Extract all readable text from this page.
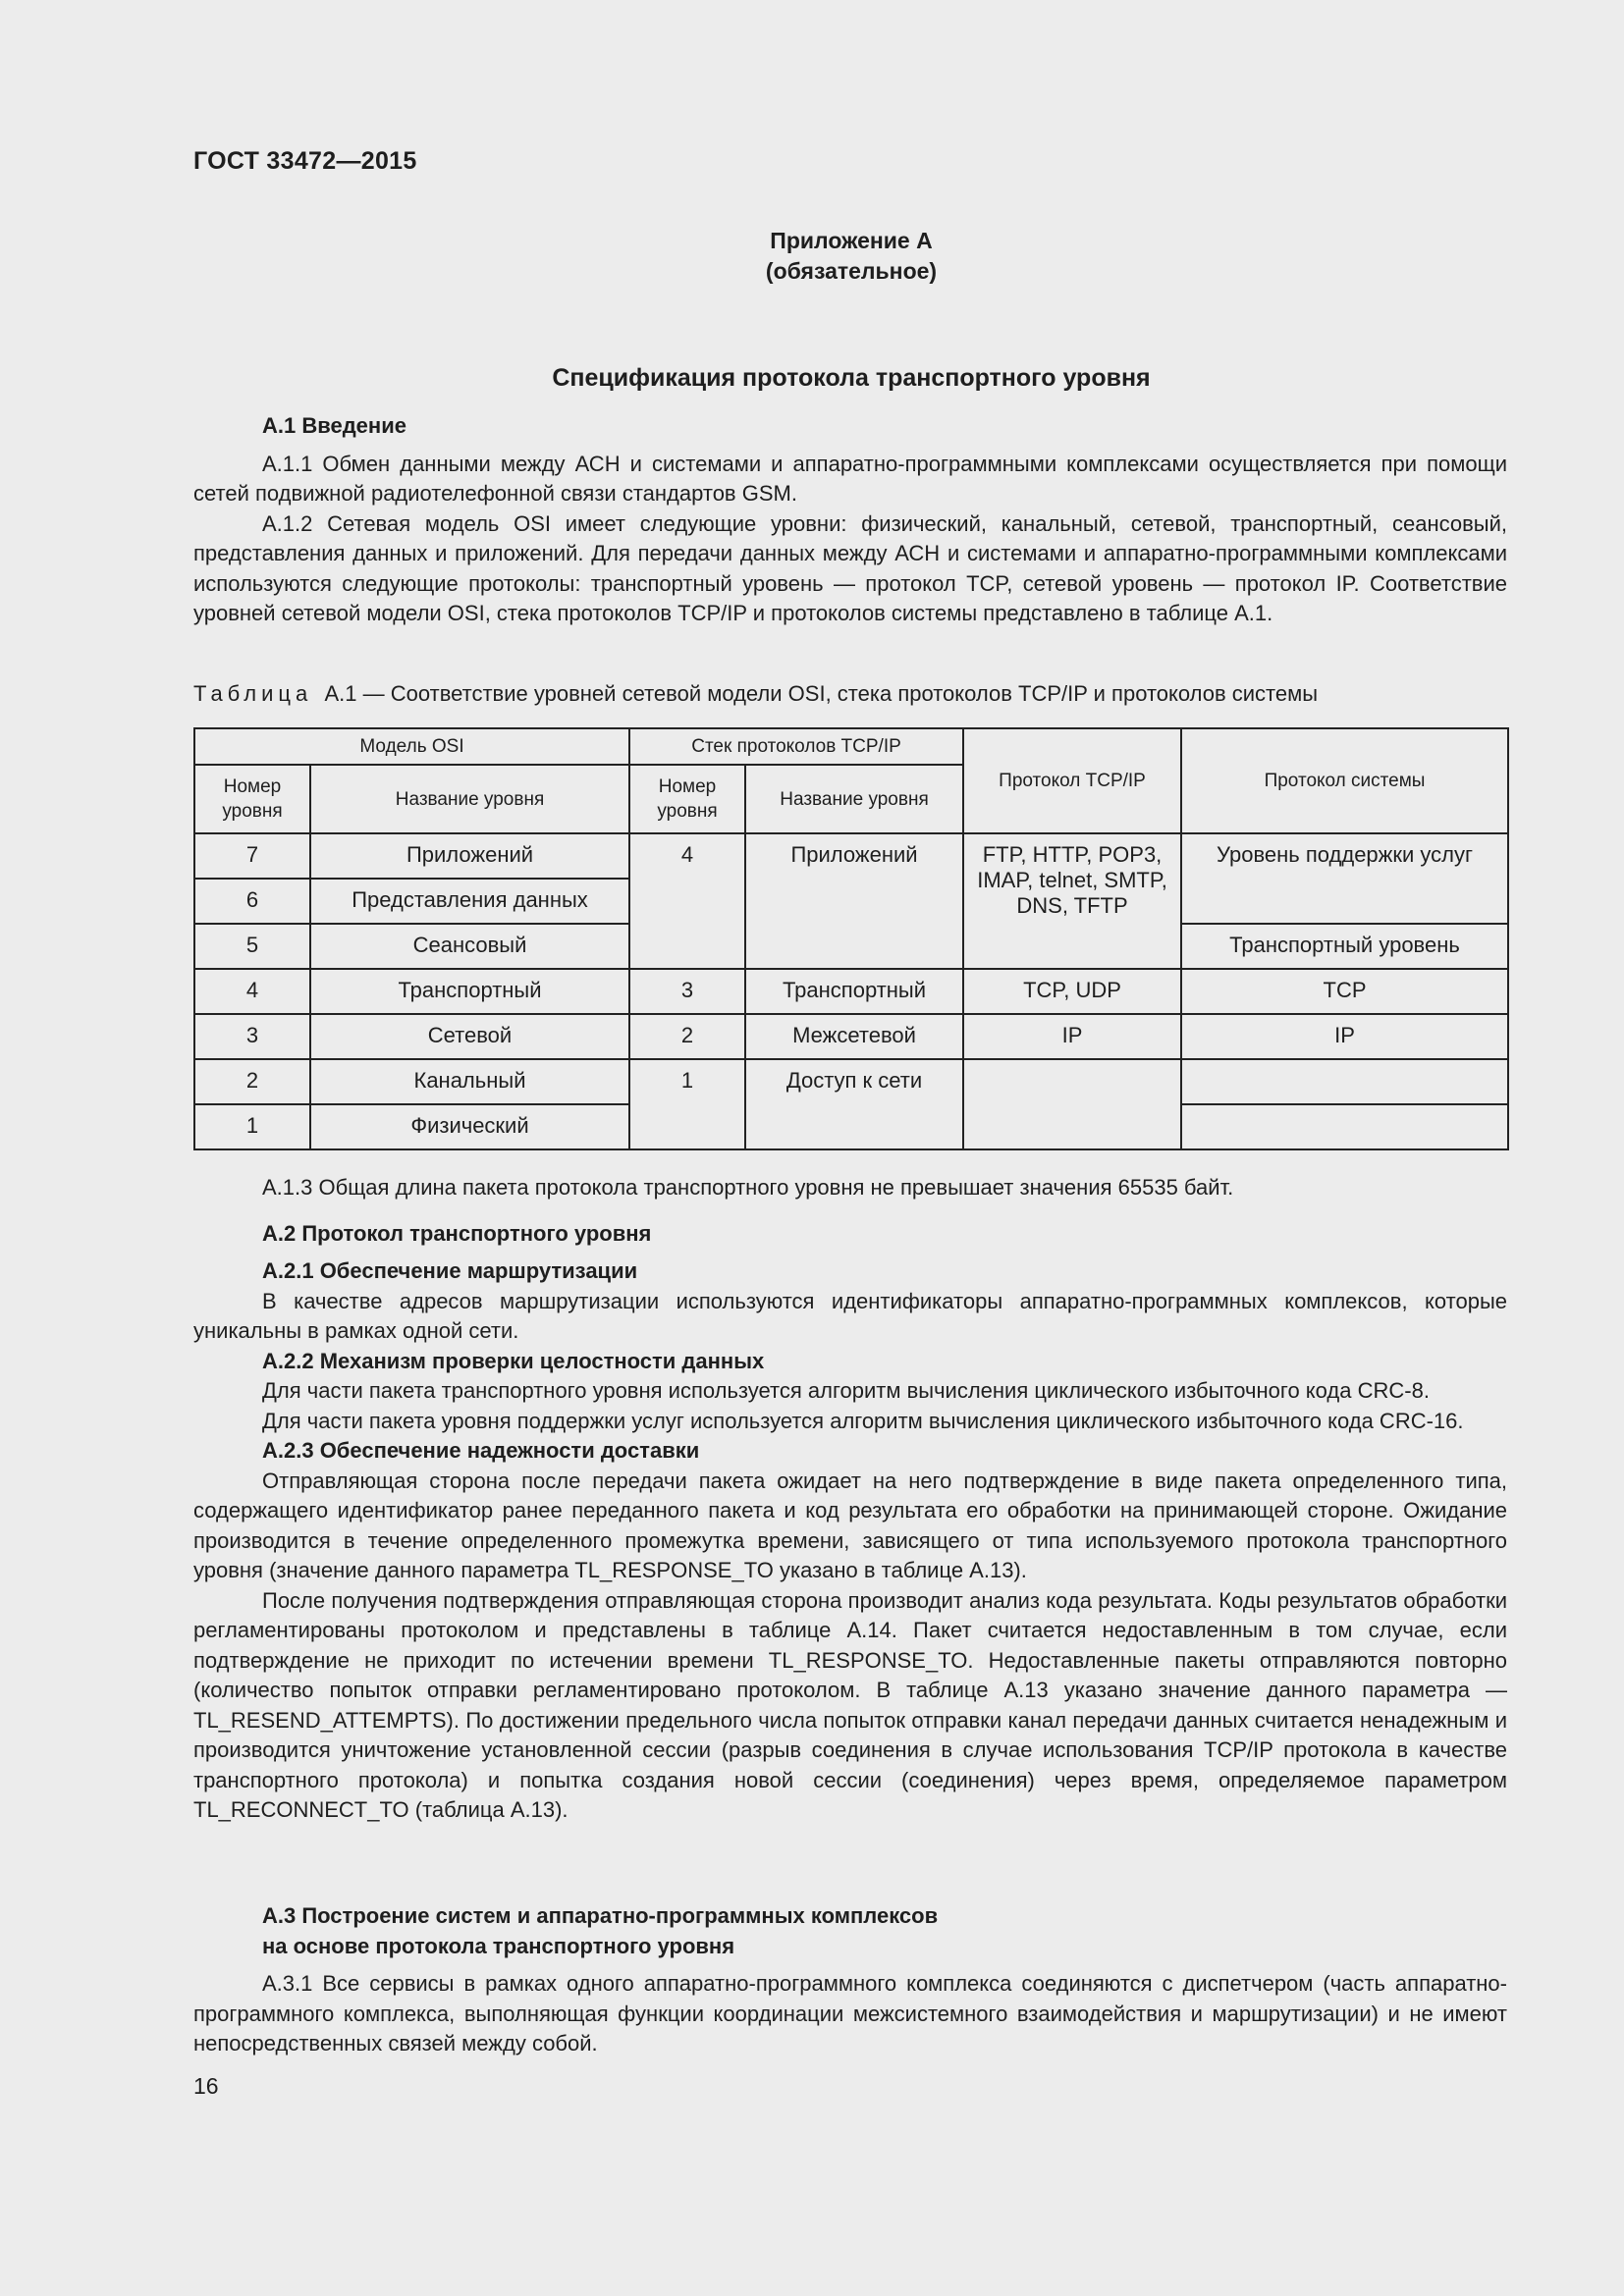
ГОСТ 33472—2015
Приложение А
(обязательное)
Спецификация протокола транспортного уровня
А.1 Введение
А.1.1 Обмен данными между АСН и системами и аппаратно-программными комплексами осуществляется при помощи сетей подвижной радиотелефонной связи стандартов GSM.
А.1.2 Сетевая модель OSI имеет следующие уровни: физический, канальный, сетевой, транспортный, сеансовый, представления данных и приложений. Для передачи данных между АСН и системами и аппаратно-программными комплексами используются следующие протоколы: транспортный уровень — протокол TCP, сетевой уровень — протокол IP. Соответствие уровней сетевой модели OSI, стека протоколов TCP/IP и протоколов системы представлено в таблице А.1.
Таблица А.1 — Соответствие уровней сетевой модели OSI, стека протоколов TCP/IP и протоколов системы
Модель OSI		Стек протоколов TCP/IP		Протокол TCP/IP	Протокол системы
Номер уровня	Название уровня	Номер уровня	Название уровня		
7	Приложений	4	Приложений	FTP, HTTP, POP3, IMAP, telnet, SMTP, DNS, TFTP	Уровень поддержки услуг
6	Представления данных				
5	Сеансовый				Транспортный уровень
4	Транспортный	3	Транспортный	TCP, UDP	TCP
3	Сетевой	2	Межсетевой	IP	IP
2	Канальный	1	Доступ к сети		
1	Физический				
А.1.3 Общая длина пакета протокола транспортного уровня не превышает значения 65535 байт.
А.2 Протокол транспортного уровня
А.2.1 Обеспечение маршрутизации
В качестве адресов маршрутизации используются идентификаторы аппаратно-программных комплексов, которые уникальны в рамках одной сети.
А.2.2 Механизм проверки целостности данных
Для части пакета транспортного уровня используется алгоритм вычисления циклического избыточного кода CRC-8.
Для части пакета уровня поддержки услуг используется алгоритм вычисления циклического избыточного кода CRC-16.
А.2.3 Обеспечение надежности доставки
Отправляющая сторона после передачи пакета ожидает на него подтверждение в виде пакета определенного типа, содержащего идентификатор ранее переданного пакета и код результата его обработки на принимающей стороне. Ожидание производится в течение определенного промежутка времени, зависящего от типа используемого протокола транспортного уровня (значение данного параметра TL_RESPONSE_TO указано в таблице А.13).
После получения подтверждения отправляющая сторона производит анализ кода результата. Коды результатов обработки регламентированы протоколом и представлены в таблице А.14. Пакет считается недоставленным в том случае, если подтверждение не приходит по истечении времени TL_RESPONSE_TO. Недоставленные пакеты отправляются повторно (количество попыток отправки регламентировано протоколом. В таблице А.13 указано значение данного параметра — TL_RESEND_ATTEMPTS). По достижении предельного числа попыток отправки канал передачи данных считается ненадежным и производится уничтожение установленной сессии (разрыв соединения в случае использования TCP/IP протокола в качестве транспортного протокола) и попытка создания новой сессии (соединения) через время, определяемое параметром TL_RECONNECT_TO (таблица А.13).
А.3 Построение систем и аппаратно-программных комплексов
на основе протокола транспортного уровня
А.3.1 Все сервисы в рамках одного аппаратно-программного комплекса соединяются с диспетчером (часть аппаратно-программного комплекса, выполняющая функции координации межсистемного взаимодействия и маршрутизации) и не имеют непосредственных связей между собой.
16
